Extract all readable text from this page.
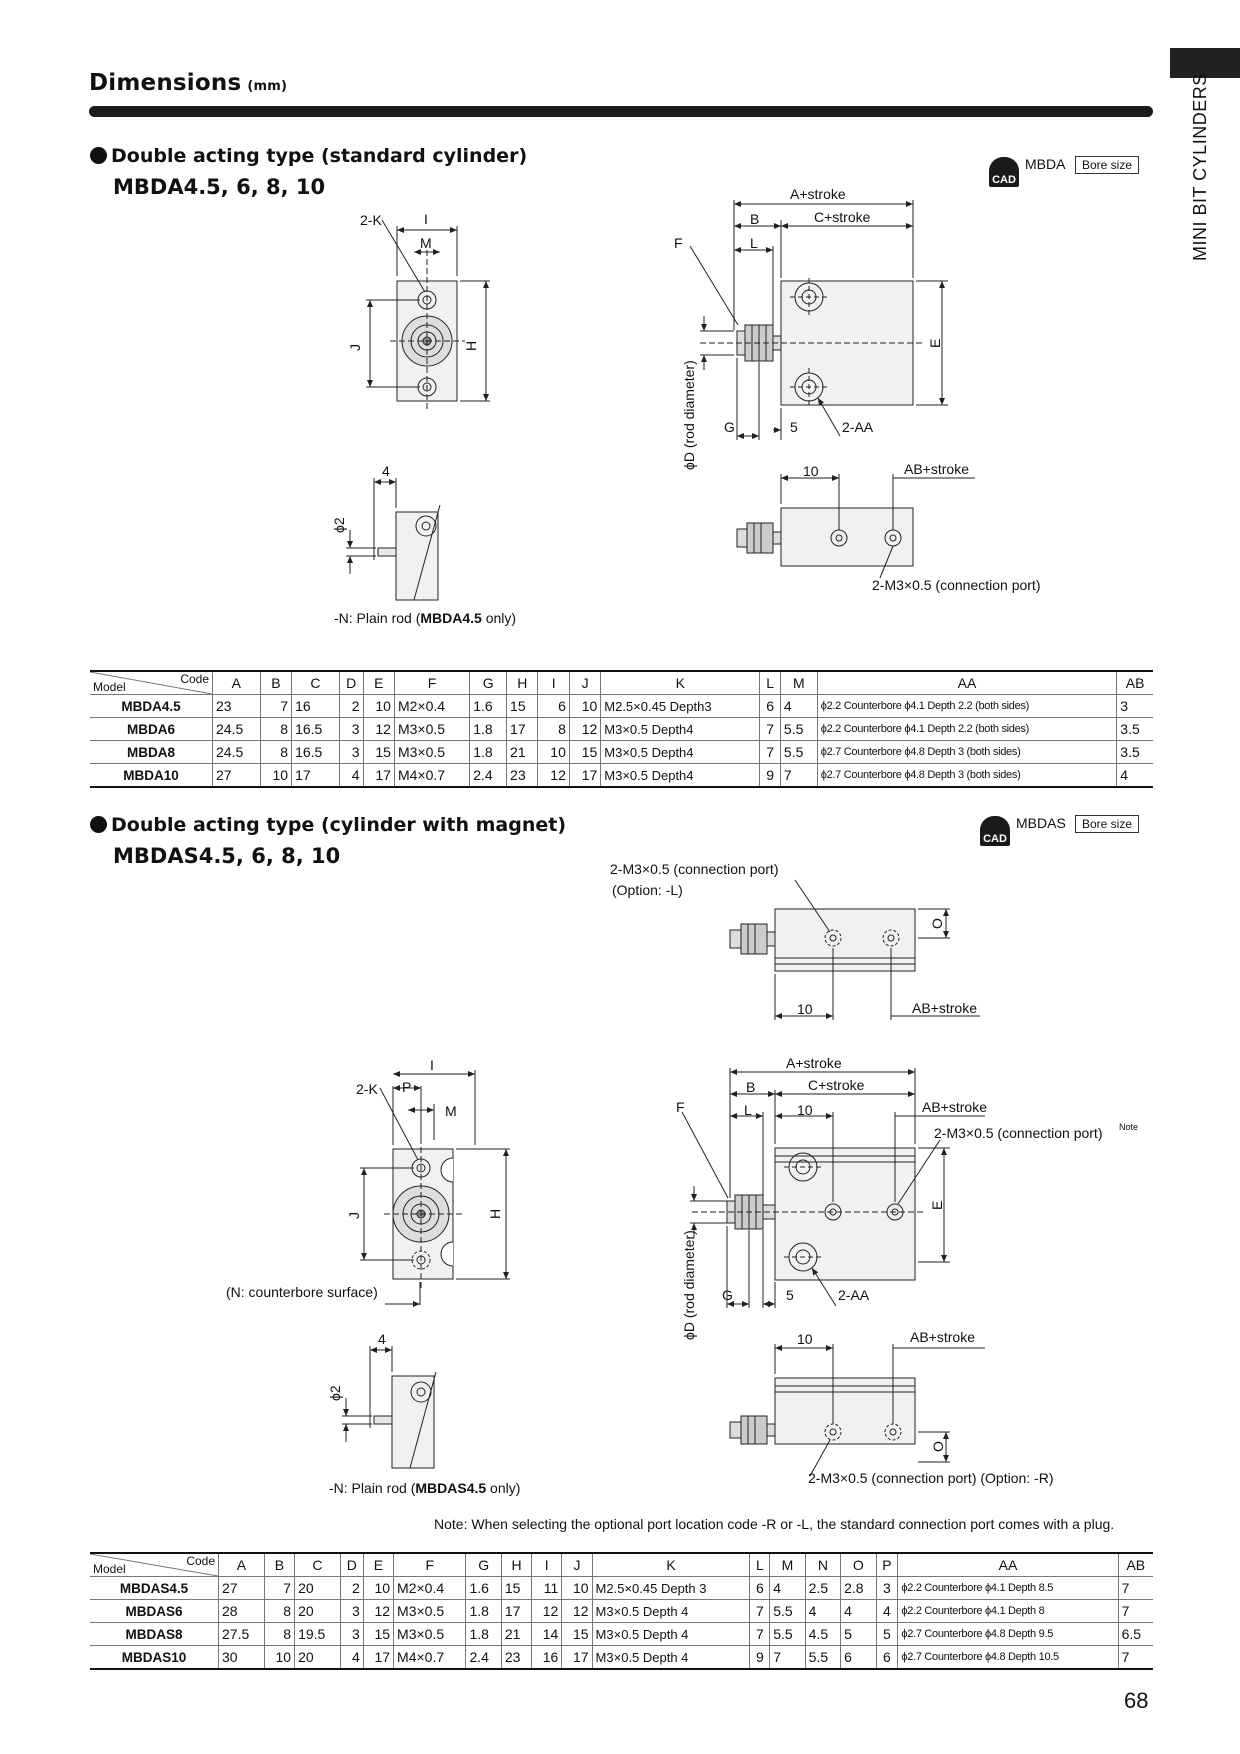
Dimensions (mm)	MINI BIT CYLINDERS
Double acting type (standard cylinder)
MBDA4.5, 6, 8, 10	CAD
MBDA	Bore size
2-K	I
M
J	H
4
ϕ2
A+stroke
B	C+stroke
F	L
E
ϕD (rod diameter) G	5	2-AA
10	AB+stroke
2-M3×0.5 (connection port)
-N: Plain rod (MBDA4.5 only)
Code
Model	A	B	C	D	E	F	G	H	I	J	K	L	M	AA	AB
MBDA4.5	23	7	16	2	10	M2×0.4	1.6	15	6	10	M2.5×0.45 Depth3	6	4	ϕ2.2 Counterbore ϕ4.1 Depth 2.2 (both sides)	3
MBDA6	24.5	8	16.5	3	12	M3×0.5	1.8	17	8	12	M3×0.5 Depth4	7	5.5	ϕ2.2 Counterbore ϕ4.1 Depth 2.2 (both sides)	3.5
MBDA8	24.5	8	16.5	3	15	M3×0.5	1.8	21	10	15	M3×0.5 Depth4	7	5.5	ϕ2.7 Counterbore ϕ4.8 Depth 3 (both sides)	3.5
MBDA10	27	10	17	4	17	M4×0.7	2.4	23	12	17	M3×0.5 Depth4	9	7	ϕ2.7 Counterbore ϕ4.8 Depth 3 (both sides)	4
Double acting type (cylinder with magnet)
MBDAS4.5, 6, 8, 10
CAD
MBDAS	Bore size
2-M3×0.5 (connection port)
(Option: -L)
O
10	AB+stroke
I
2-K P
M
J	H
(N: counterbore surface)
A+stroke
B	C+stroke
F	L	10	AB+stroke
2-M3×0.5 (connection port) Note
E
ϕD (rod diameter) G	5	2-AA
4
ϕ2
10	AB+stroke
O
2-M3×0.5 (connection port) (Option: -R)
-N: Plain rod (MBDAS4.5 only)
Note: When selecting the optional port location code -R or -L, the standard connection port comes with a plug.
Code
Model	A	B	C	D	E	F	G	H	I	J	K	L	M	N	O	P	AA	AB
MBDAS4.5	27	7	20	2	10	M2×0.4	1.6	15	11	10	M2.5×0.45 Depth 3	6	4	2.5	2.8	3	ϕ2.2 Counterbore ϕ4.1 Depth 8.5	7
MBDAS6	28	8	20	3	12	M3×0.5	1.8	17	12	12	M3×0.5 Depth 4	7	5.5	4	4	4	ϕ2.2 Counterbore ϕ4.1 Depth 8	7
MBDAS8	27.5	8	19.5	3	15	M3×0.5	1.8	21	14	15	M3×0.5 Depth 4	7	5.5	4.5	5	5	ϕ2.7 Counterbore ϕ4.8 Depth 9.5	6.5
MBDAS10	30	10	20	4	17	M4×0.7	2.4	23	16	17	M3×0.5 Depth 4	9	7	5.5	6	6	ϕ2.7 Counterbore ϕ4.8 Depth 10.5	7
68
